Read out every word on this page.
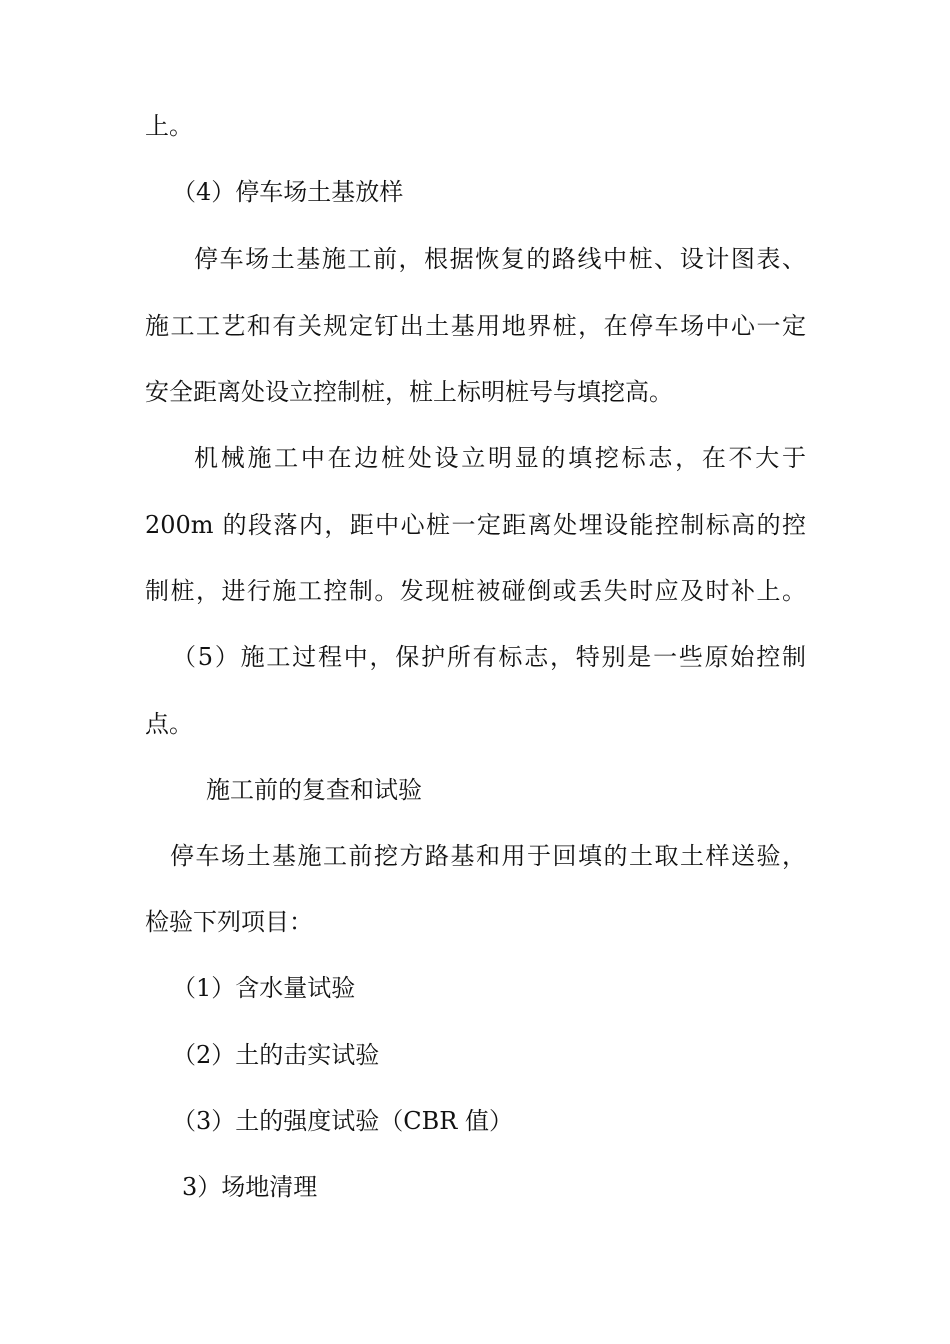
上。
（4）停车场土基放样
停车场土基施工前，根据恢复的路线中桩、设计图表、
施工工艺和有关规定钉出土基用地界桩，在停车场中心一定
安全距离处设立控制桩，桩上标明桩号与填挖高。
机械施工中在边桩处设立明显的填挖标志，在不大于
200m 的段落内，距中心桩一定距离处埋设能控制标高的控
制桩，进行施工控制。发现桩被碰倒或丢失时应及时补上。
（5）施工过程中，保护所有标志，特别是一些原始控制
点。
施工前的复查和试验
停车场土基施工前挖方路基和用于回填的土取土样送验，
检验下列项目：
（1）含水量试验
（2）土的击实试验
（3）土的强度试验（CBR 值）
3）场地清理
